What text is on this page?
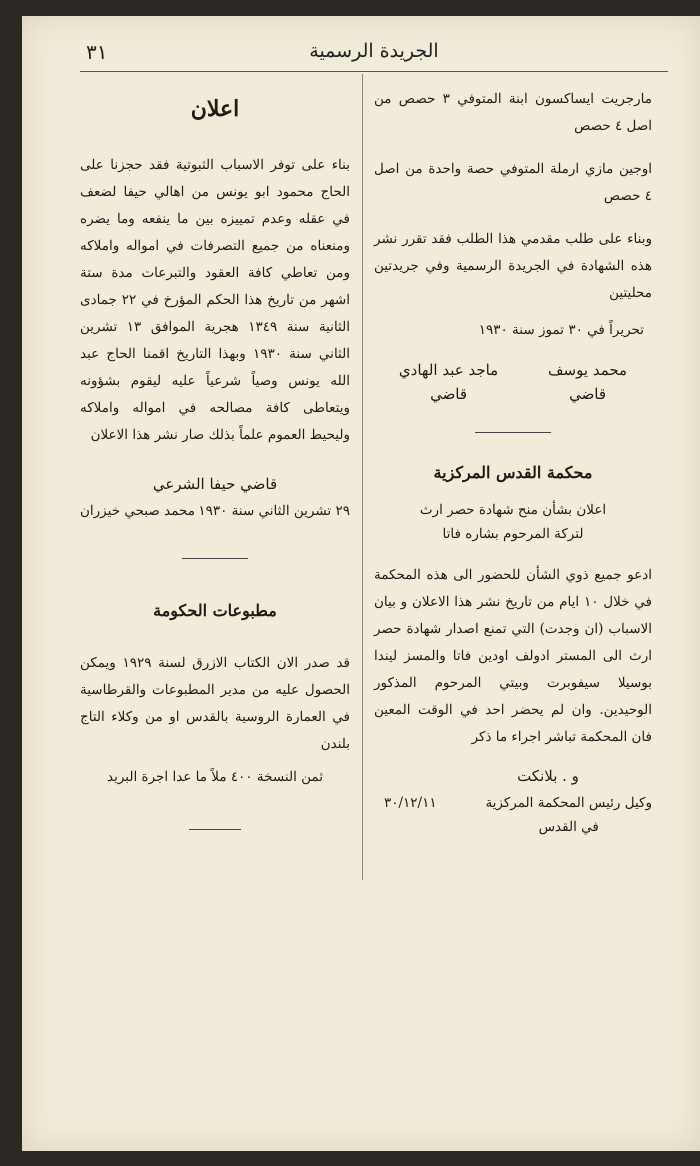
٣١	الجريدة الرسمية

مارجريت ايساكسون ابنة المتوفي ٣ حصص من اصل ٤ حصص

اوجين مازي ارملة المتوفي حصة واحدة من اصل ٤ حصص

وبناء على طلب مقدمي هذا الطلب فقد تقرر نشر هذه الشهادة في الجريدة الرسمية وفي جريدتين محليتين

تحريراً في ٣٠ تموز سنة ١٩٣٠

محمد يوسف
قاضي
ماجد عبد الهادي
قاضي

محكمة القدس المركزية

اعلان بشأن منح شهادة حصر ارث

لتركة المرحوم بشاره فاتا

ادعو جميع ذوي الشأن للحضور الى هذه المحكمة في خلال ١٠ ايام من تاريخ نشر هذا الاعلان و بيان الاسباب (ان وجدت) التي تمنع اصدار شهادة حصر ارث الى المستر ادولف اودين فاتا والمسز ليندا بوسيلا سيفوبرت وبيتي المرحوم المذكور الوحيدين. وان لم يحضر احد في الوقت المعين فان المحكمة تباشر اجراء ما ذكر

و . بلانكت
وكيل رئيس المحكمة المركزية
في القدس
٣٠/١٢/١١

اعلان

بناء على توفر الاسباب الثبوتية فقد حجزنا على الحاج محمود ابو يونس من اهالي حيفا لضعف في عقله وعدم تمييزه بين ما ينفعه وما يضره ومنعناه من جميع التصرفات في امواله واملاكه ومن تعاطي كافة العقود والتبرعات مدة ستة اشهر من تاريخ هذا الحكم المؤرخ في ٢٢ جمادى الثانية سنة ١٣٤٩ هجرية الموافق ١٣ تشرين الثاني سنة ١٩٣٠ وبهذا التاريخ اقمنا الحاج عبد الله يونس وصياً شرعياً عليه ليقوم بشؤونه ويتعاطى كافة مصالحه في امواله واملاكه وليحيط العموم علماً بذلك صار نشر هذا الاعلان

قاضي حيفا الشرعي

٢٩ تشرين الثاني سنة ١٩٣٠
محمد صبحي خيزران

مطبوعات الحكومة

قد صدر الان الكتاب الازرق لسنة ١٩٢٩ ويمكن الحصول عليه من مدير المطبوعات والقرطاسية في العمارة الروسية بالقدس او من وكلاء التاج بلندن

ثمن النسخة ٤٠٠ ملاً ما عدا اجرة البريد
